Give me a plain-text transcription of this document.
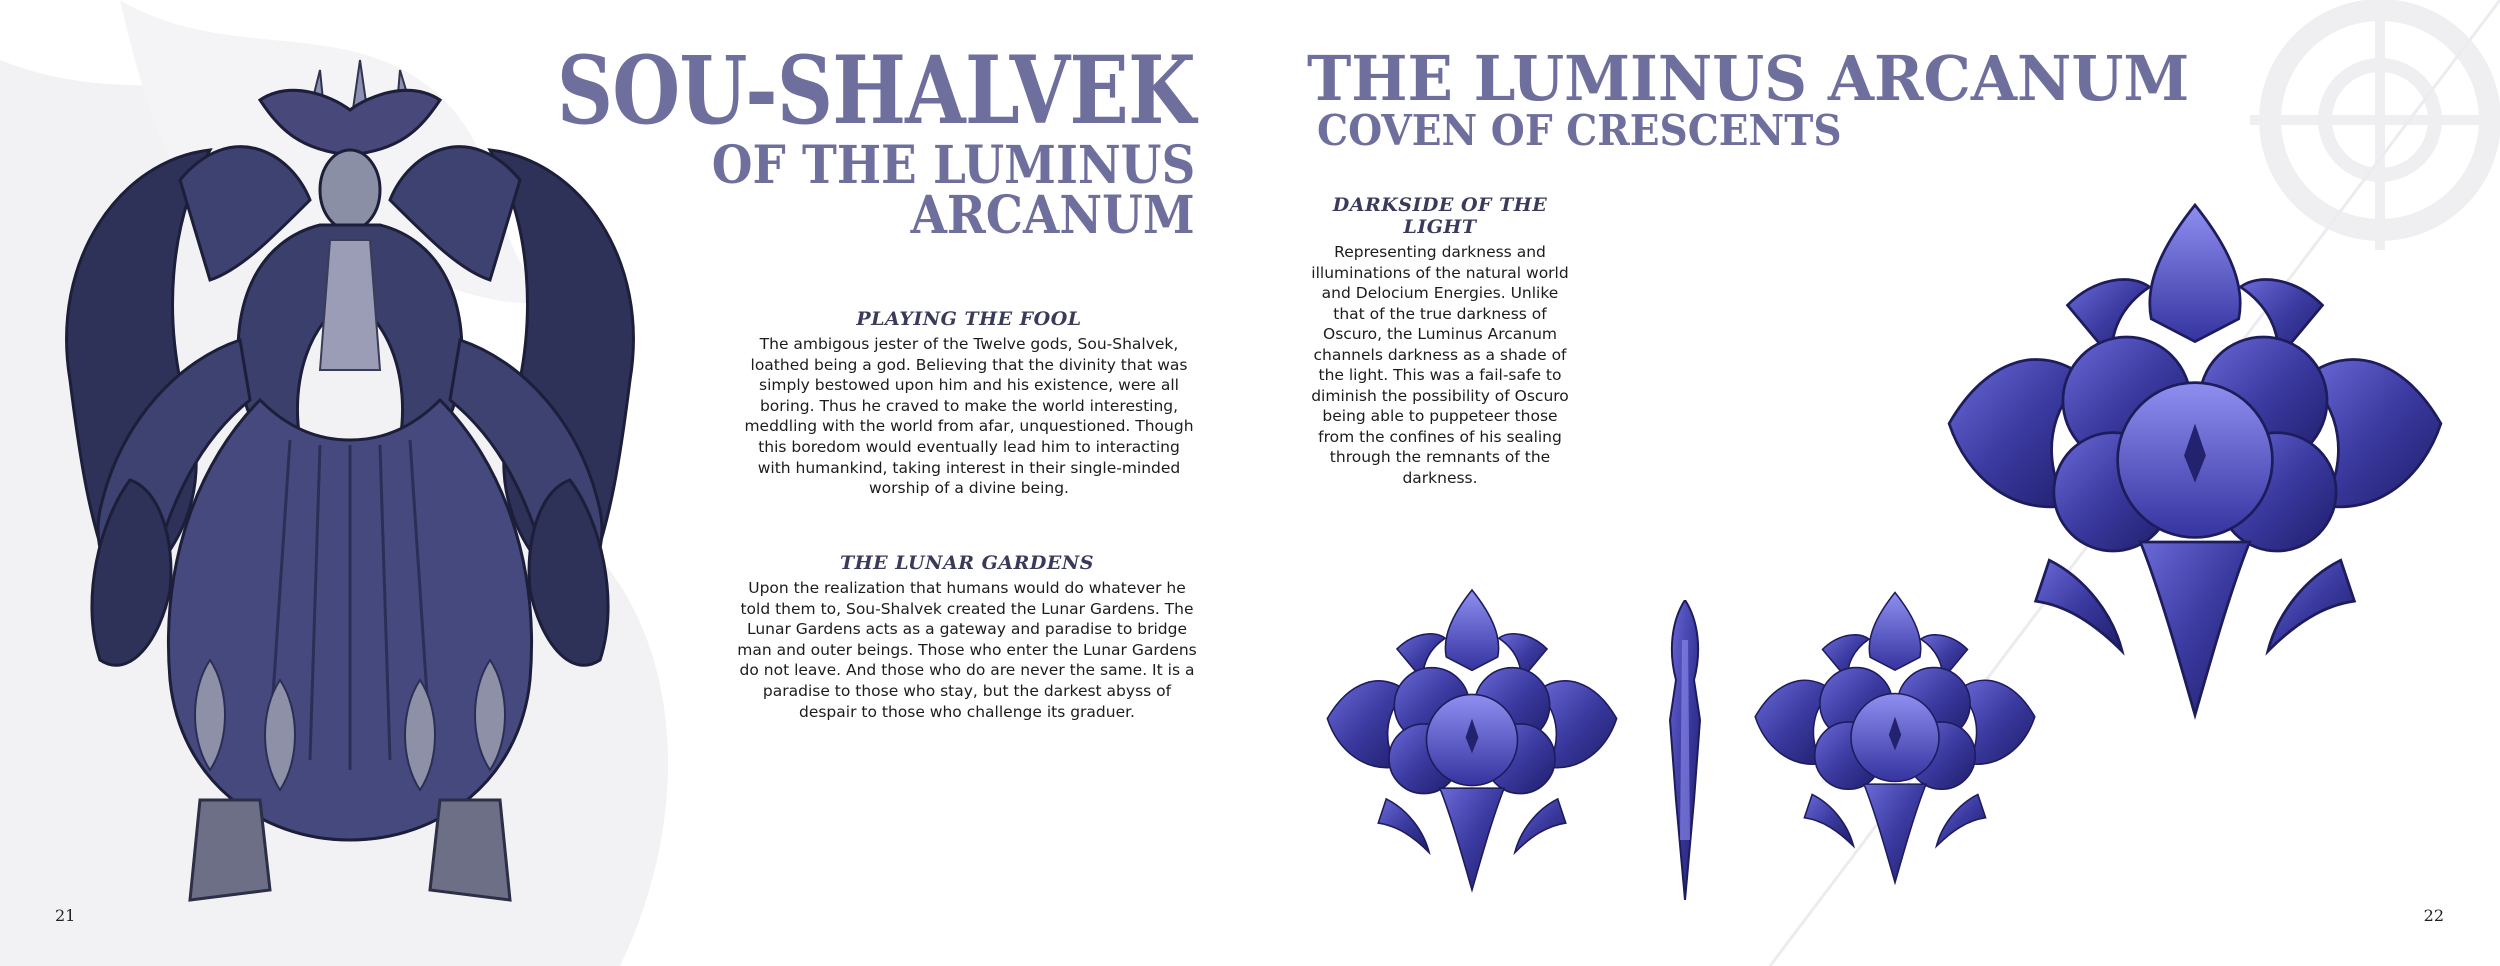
SOU-SHALVEK
OF THE LUMINUS
ARCANUM
PLAYING THE FOOL

The ambigous jester of the Twelve gods, Sou-Shalvek, loathed being a god. Believing that the divinity that was simply bestowed upon him and his existence, were all boring. Thus he craved to make the world interesting, meddling with the world from afar, unquestioned. Though this boredom would eventually lead him to interacting with humankind, taking interest in their single-minded worship of a divine being.

THE LUNAR GARDENS

Upon the realization that humans would do whatever he told them to, Sou-Shalvek created the Lunar Gardens. The Lunar Gardens acts as a gateway and paradise to bridge man and outer beings. Those who enter the Lunar Gardens do not leave. And those who do are never the same. It is a paradise to those who stay, but the darkest abyss of despair to those who challenge its graduer.

21
THE LUMINUS ARCANUM
COVEN OF CRESCENTS
DARKSIDE OF THE LIGHT

Representing darkness and illuminations of the natural world and Delocium Energies. Unlike that of the true darkness of Oscuro, the Luminus Arcanum channels darkness as a shade of the light. This was a fail-safe to diminish the possibility of Oscuro being able to puppeteer those from the confines of his sealing through the remnants of the darkness.

22
